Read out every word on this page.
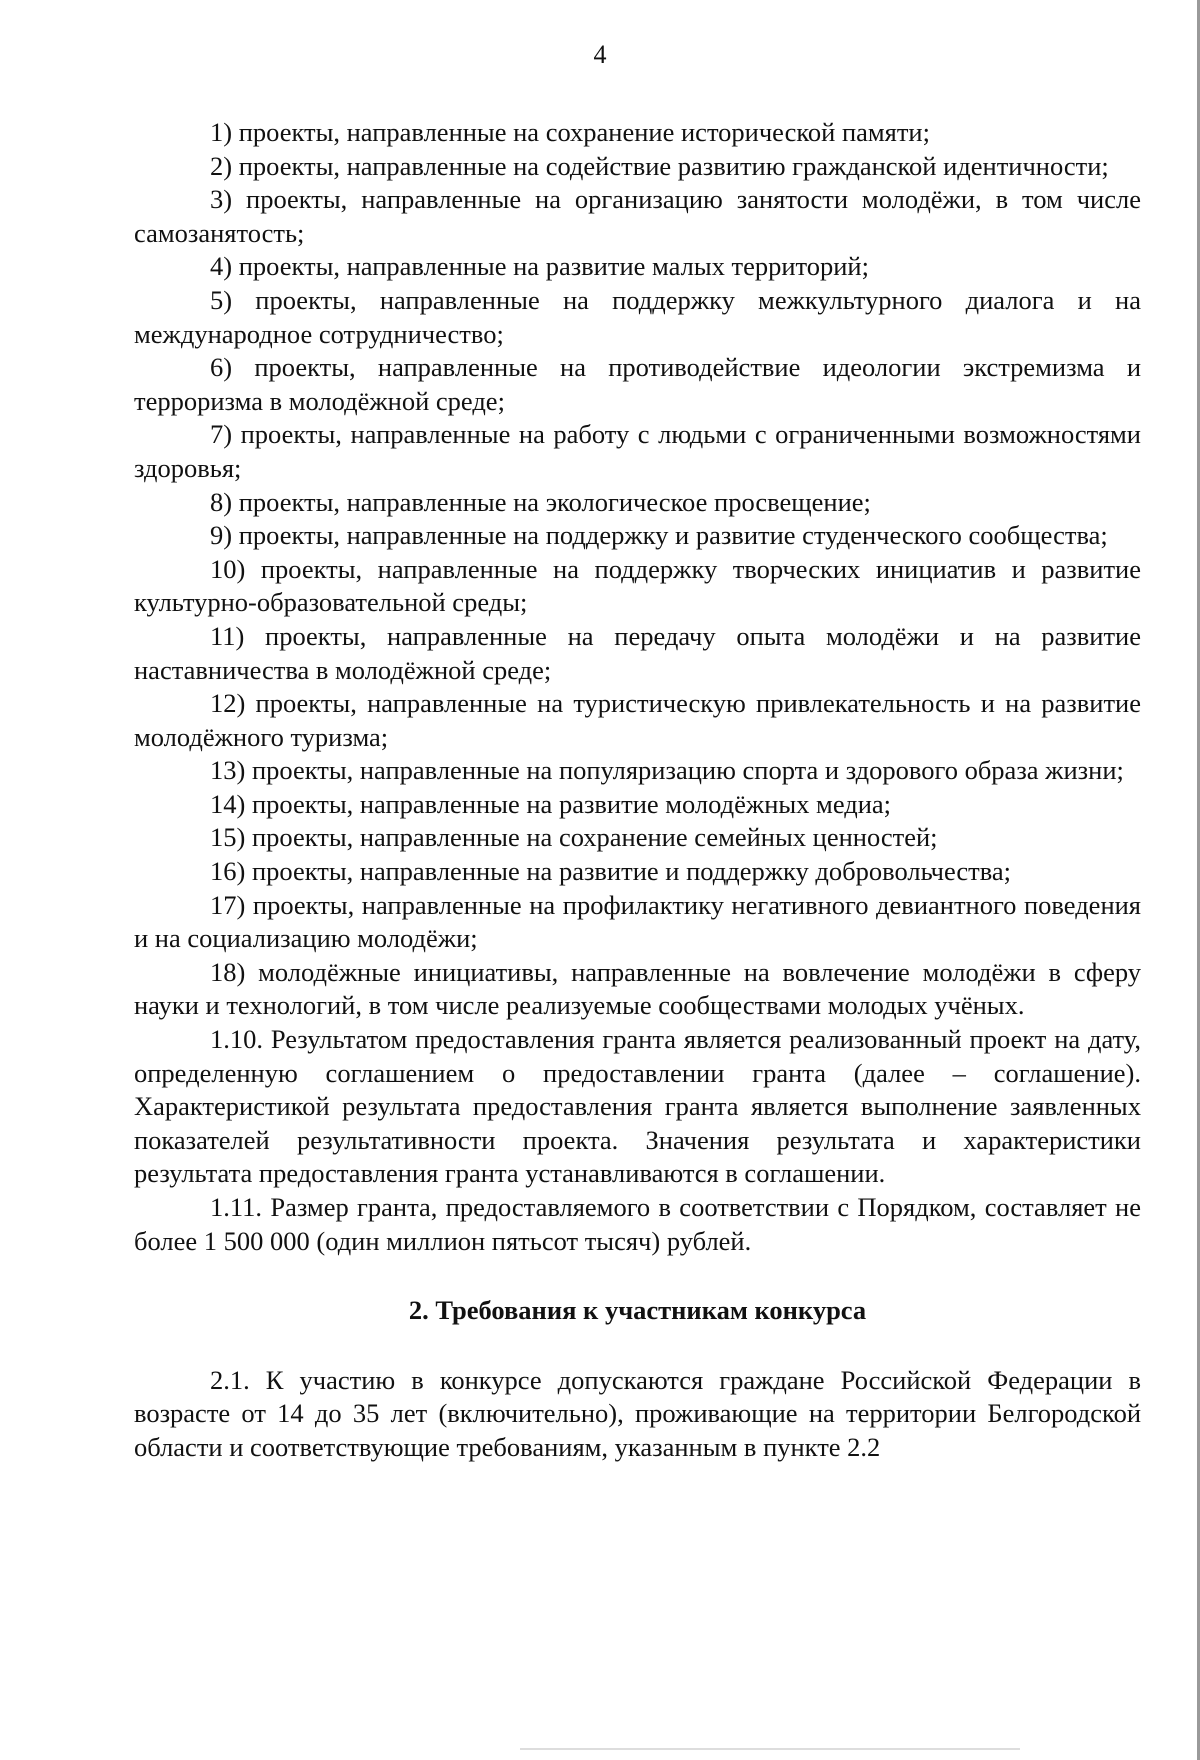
4

1) проекты, направленные на сохранение исторической памяти;

2) проекты, направленные на содействие развитию гражданской идентичности;

3) проекты, направленные на организацию занятости молодёжи, в том числе самозанятость;

4) проекты, направленные на развитие малых территорий;

5) проекты, направленные на поддержку межкультурного диалога и на международное сотрудничество;

6) проекты, направленные на противодействие идеологии экстремизма и терроризма в молодёжной среде;

7) проекты, направленные на работу с людьми с ограниченными возможностями здоровья;

8) проекты, направленные на экологическое просвещение;

9) проекты, направленные на поддержку и развитие студенческого сообщества;

10) проекты, направленные на поддержку творческих инициатив и развитие культурно-образовательной среды;

11) проекты, направленные на передачу опыта молодёжи и на развитие наставничества в молодёжной среде;

12) проекты, направленные на туристическую привлекательность и на развитие молодёжного туризма;

13) проекты, направленные на популяризацию спорта и здорового образа жизни;

14) проекты, направленные на развитие молодёжных медиа;

15) проекты, направленные на сохранение семейных ценностей;

16) проекты, направленные на развитие и поддержку добровольчества;

17) проекты, направленные на профилактику негативного девиантного поведения и на социализацию молодёжи;

18) молодёжные инициативы, направленные на вовлечение молодёжи в сферу науки и технологий, в том числе реализуемые сообществами молодых учёных.

1.10. Результатом предоставления гранта является реализованный проект на дату, определенную соглашением о предоставлении гранта (далее – соглашение). Характеристикой результата предоставления гранта является выполнение заявленных показателей результативности проекта. Значения результата и характеристики результата предоставления гранта устанавливаются в соглашении.

1.11. Размер гранта, предоставляемого в соответствии с Порядком, составляет не более 1 500 000 (один миллион пятьсот тысяч) рублей.

2. Требования к участникам конкурса

2.1. К участию в конкурсе допускаются граждане Российской Федерации в возрасте от 14 до 35 лет (включительно), проживающие на территории Белгородской области и соответствующие требованиям, указанным в пункте 2.2
